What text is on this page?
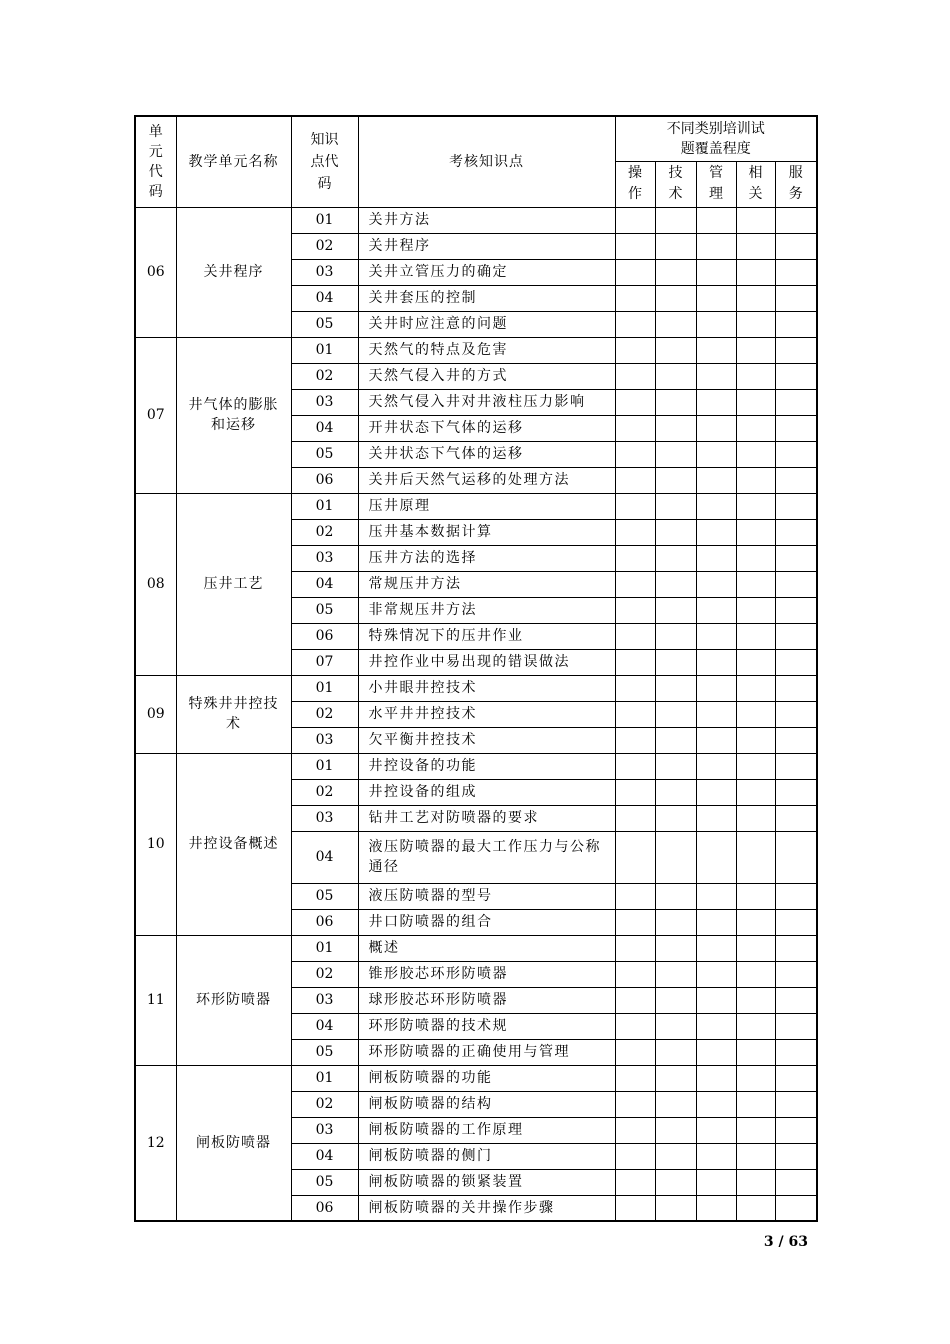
单元代码	教学单元名称	知识点代码	考核知识点	不同类别培训试题覆盖程度				
				操作	技术	管理	相关	服务
06	关井程序	01	关井方法					
		02	关井程序					
		03	关井立管压力的确定					
		04	关井套压的控制					
		05	关井时应注意的问题					
07	井气体的膨胀和运移	01	天然气的特点及危害					
		02	天然气侵入井的方式					
		03	天然气侵入井对井液柱压力影响					
		04	开井状态下气体的运移					
		05	关井状态下气体的运移					
		06	关井后天然气运移的处理方法					
08	压井工艺	01	压井原理					
		02	压井基本数据计算					
		03	压井方法的选择					
		04	常规压井方法					
		05	非常规压井方法					
		06	特殊情况下的压井作业					
		07	井控作业中易出现的错误做法					
09	特殊井井控技术	01	小井眼井控技术					
		02	水平井井控技术					
		03	欠平衡井控技术					
10	井控设备概述	01	井控设备的功能					
		02	井控设备的组成					
		03	钻井工艺对防喷器的要求					
		04	液压防喷器的最大工作压力与公称通径					
		05	液压防喷器的型号					
		06	井口防喷器的组合					
11	环形防喷器	01	概述					
		02	锥形胶芯环形防喷器					
		03	球形胶芯环形防喷器					
		04	环形防喷器的技术规					
		05	环形防喷器的正确使用与管理					
12	闸板防喷器	01	闸板防喷器的功能					
		02	闸板防喷器的结构					
		03	闸板防喷器的工作原理					
		04	闸板防喷器的侧门					
		05	闸板防喷器的锁紧装置					
		06	闸板防喷器的关井操作步骤					
3 / 63
